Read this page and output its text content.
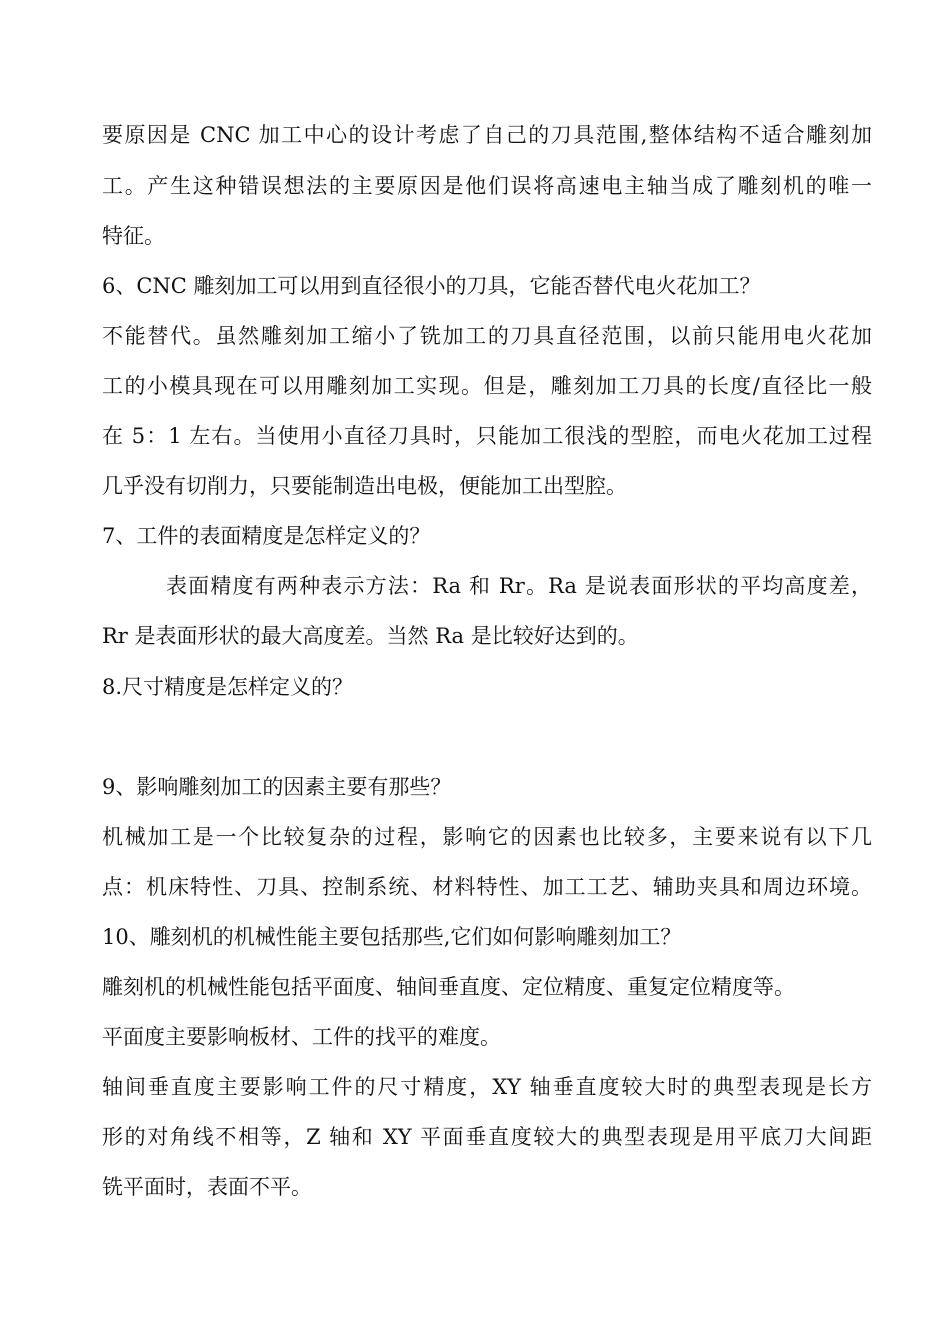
要原因是 CNC 加工中心的设计考虑了自己的刀具范围,整体结构不适合雕刻加
工。产生这种错误想法的主要原因是他们误将高速电主轴当成了雕刻机的唯一
特征。
6、CNC 雕刻加工可以用到直径很小的刀具，它能否替代电火花加工？
不能替代。虽然雕刻加工缩小了铣加工的刀具直径范围，以前只能用电火花加
工的小模具现在可以用雕刻加工实现。但是，雕刻加工刀具的长度/直径比一般
在 5：1 左右。当使用小直径刀具时，只能加工很浅的型腔，而电火花加工过程
几乎没有切削力，只要能制造出电极，便能加工出型腔。
7、工件的表面精度是怎样定义的？
表面精度有两种表示方法：Ra 和 Rr。Ra 是说表面形状的平均高度差，
Rr 是表面形状的最大高度差。当然 Ra 是比较好达到的。
8.尺寸精度是怎样定义的？
9、影响雕刻加工的因素主要有那些？
机械加工是一个比较复杂的过程，影响它的因素也比较多，主要来说有以下几
点：机床特性、刀具、控制系统、材料特性、加工工艺、辅助夹具和周边环境。
10、雕刻机的机械性能主要包括那些,它们如何影响雕刻加工？
雕刻机的机械性能包括平面度、轴间垂直度、定位精度、重复定位精度等。
平面度主要影响板材、工件的找平的难度。
轴间垂直度主要影响工件的尺寸精度，XY 轴垂直度较大时的典型表现是长方
形的对角线不相等，Z 轴和 XY 平面垂直度较大的典型表现是用平底刀大间距
铣平面时，表面不平。
